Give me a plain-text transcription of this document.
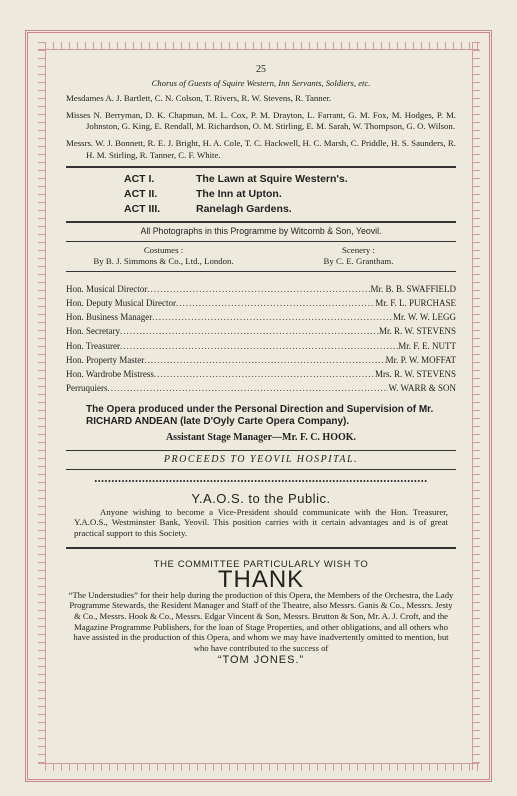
25
Chorus of Guests of Squire Western, Inn Servants, Soldiers, etc.
Mesdames A. J. Bartlett, C. N. Colson, T. Rivers, R. W. Stevens, R. Tanner.
Misses N. Berryman, D. K. Chapman, M. L. Cox, P. M. Drayton, L. Farrant, G. M. Fox, M. Hodges, P. M. Johnston, G. King, E. Rendall, M. Richardson, O. M. Stirling, E. M. Sarah, W. Thompson, G. O. Wilson.
Messrs. W. J. Bonnett, R. E. J. Bright, H. A. Cole, T. C. Hackwell, H. C. Marsh, C. Priddle, H. S. Saunders, R. H. M. Stirling, R. Tanner, C. F. White.
ACT I.	The Lawn at Squire Western's.
ACT II.	The Inn at Upton.
ACT III.	Ranelagh Gardens.
All Photographs in this Programme by Witcomb & Son, Yeovil.
Costumes :
By B. J. Simmons & Co., Ltd., London.
Scenery :
By C. E. Grantham.
Hon. Musical Director .....	Mr. B. B. SWAFFIELD
Hon. Deputy Musical Director .....	Mr. F. L. PURCHASE
Hon. Business Manager .....	Mr. W. W. LEGG
Hon. Secretary .....	Mr. R. W. STEVENS
Hon. Treasurer .....	Mr. F. E. NUTT
Hon. Property Master .....	Mr. P. W. MOFFAT
Hon. Wardrobe Mistress .....	Mrs. R. W. STEVENS
Perruquiers .....	W. WARR & SON
The Opera produced under the Personal Direction and Supervision of Mr. RICHARD ANDEAN (late D'Oyly Carte Opera Company).
Assistant Stage Manager—Mr. F. C. HOOK.
PROCEEDS TO YEOVIL HOSPITAL.
••••••••••••••••••••••••••••••••••••••••••••••••••••••••••••••••••••••••••••••••••••••••••••••••••
Y.A.O.S. to the Public.
Anyone wishing to become a Vice-President should communicate with the Hon. Treasurer, Y.A.O.S., Westminster Bank, Yeovil. This position carries with it certain advantages and is of great practical support to this Society.
THE COMMITTEE PARTICULARLY WISH TO
THANK
“The Understudies” for their help during the production of this Opera, the Members of the Orchestra, the Lady Programme Stewards, the Resident Manager and Staff of the Theatre, also Messrs. Ganis & Co., Messrs. Jesty & Co., Messrs. Hook & Co., Messrs. Edgar Vincent & Son, Messrs. Brutton & Son, Mr. A. J. Croft, and the Magazine Programme Publishers, for the loan of Stage Properties, and other obligations, and all others who have assisted in the production of this Opera, and whom we may have inadvertently omitted to mention, but who have contributed to the success of
“TOM JONES.”
